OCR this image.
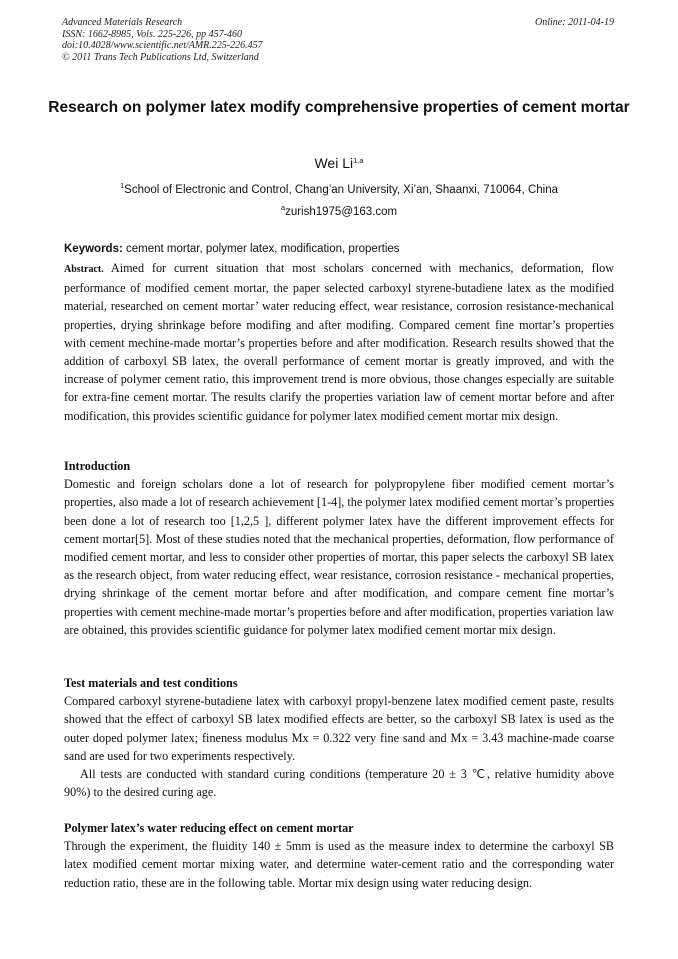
Advanced Materials Research
ISSN: 1662-8985, Vols. 225-226, pp 457-460
doi:10.4028/www.scientific.net/AMR.225-226.457
© 2011 Trans Tech Publications Ltd, Switzerland
Online: 2011-04-19
Research on polymer latex modify comprehensive properties of cement mortar
Wei Li$^{1,a}$
$^1$School of Electronic and Control, Chang’an University, Xi’an, Shaanxi, 710064, China
$^a$zurish1975@163.com
Keywords: cement mortar, polymer latex, modification, properties

Abstract. Aimed for current situation that most scholars concerned with mechanics, deformation, flow performance of modified cement mortar, the paper selected carboxyl styrene-butadiene latex as the modified material, researched on cement mortar’ water reducing effect, wear resistance, corrosion resistance-mechanical properties, drying shrinkage before modifing and after modifing. Compared cement fine mortar’s properties with cement mechine-made mortar’s properties before and after modification. Research results showed that the addition of carboxyl SB latex, the overall performance of cement mortar is greatly improved, and with the increase of polymer cement ratio, this improvement trend is more obvious, those changes especially are suitable for extra-fine cement mortar. The results clarify the properties variation law of cement mortar before and after modification, this provides scientific guidance for polymer latex modified cement mortar mix design.

Introduction

Domestic and foreign scholars done a lot of research for polypropylene fiber modified cement mortar’s properties, also made a lot of research achievement [1-4], the polymer latex modified cement mortar’s properties been done a lot of research too [1,2,5 ], different polymer latex have the different improvement effects for cement mortar[5]. Most of these studies noted that the mechanical properties, deformation, flow performance of modified cement mortar, and less to consider other properties of mortar, this paper selects the carboxyl SB latex as the research object, from water reducing effect, wear resistance, corrosion resistance - mechanical properties, drying shrinkage of the cement mortar before and after modification, and compare cement fine mortar’s properties with cement mechine-made mortar’s properties before and after modification, properties variation law are obtained, this provides scientific guidance for polymer latex modified cement mortar mix design.

Test materials and test conditions

Compared carboxyl styrene-butadiene latex with carboxyl propyl-benzene latex modified cement paste, results showed that the effect of carboxyl SB latex modified effects are better, so the carboxyl SB latex is used as the outer doped polymer latex; fineness modulus Mx = 0.322 very fine sand and Mx = 3.43 machine-made coarse sand are used for two experiments respectively.

All tests are conducted with standard curing conditions (temperature 20 ± 3 ℃, relative humidity above 90%) to the desired curing age.

Polymer latex’s water reducing effect on cement mortar

Through the experiment, the fluidity 140 ± 5mm is used as the measure index to determine the carboxyl SB latex modified cement mortar mixing water, and determine water-cement ratio and the corresponding water reduction ratio, these are in the following table. Mortar mix design using water reducing design.
